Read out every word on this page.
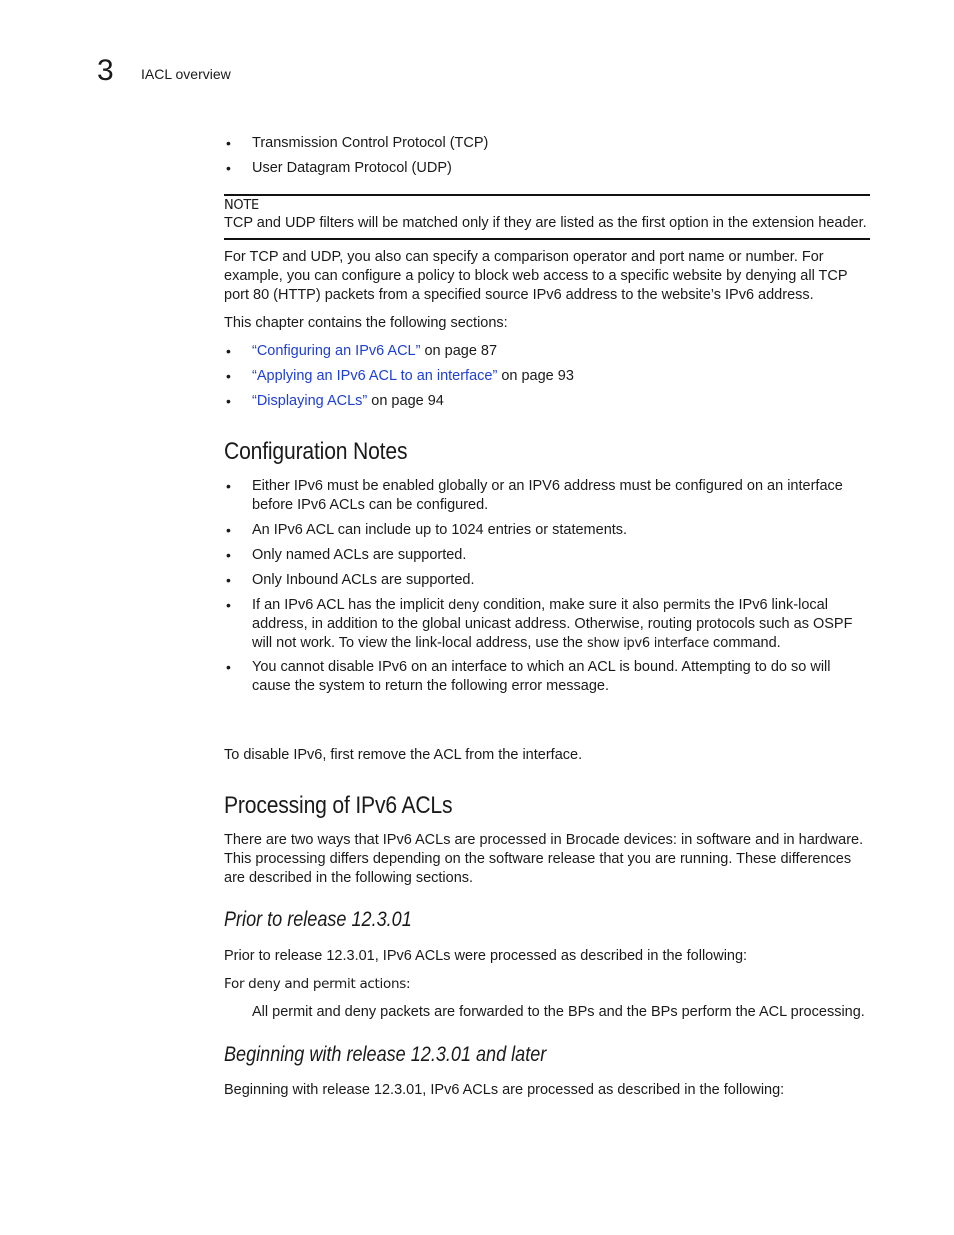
3 IACL overview
• Transmission Control Protocol (TCP)
• User Datagram Protocol (UDP)
NOTE
TCP and UDP filters will be matched only if they are listed as the first option in the extension header.
For TCP and UDP, you also can specify a comparison operator and port name or number. For
example, you can configure a policy to block web access to a specific website by denying all TCP
port 80 (HTTP) packets from a specified source IPv6 address to the website’s IPv6 address.
This chapter contains the following sections:
• “Configuring an IPv6 ACL” on page 87
• “Applying an IPv6 ACL to an interface” on page 93
• “Displaying ACLs” on page 94
Configuration Notes
• Either IPv6 must be enabled globally or an IPV6 address must be configured on an interface
before IPv6 ACLs can be configured.
• An IPv6 ACL can include up to 1024 entries or statements.
• Only named ACLs are supported.
• Only Inbound ACLs are supported.
• If an IPv6 ACL has the implicit deny condition, make sure it also permits the IPv6 link-local
address, in addition to the global unicast address. Otherwise, routing protocols such as OSPF
will not work. To view the link-local address, use the show ipv6 interface command.
• You cannot disable IPv6 on an interface to which an ACL is bound. Attempting to do so will
cause the system to return the following error message.
To disable IPv6, first remove the ACL from the interface.
Processing of IPv6 ACLs
There are two ways that IPv6 ACLs are processed in Brocade devices: in software and in hardware.
This processing differs depending on the software release that you are running. These differences
are described in the following sections.
Prior to release 12.3.01
Prior to release 12.3.01, IPv6 ACLs were processed as described in the following:
For deny and permit actions:
All permit and deny packets are forwarded to the BPs and the BPs perform the ACL processing.
Beginning with release 12.3.01 and later
Beginning with release 12.3.01, IPv6 ACLs are processed as described in the following:
